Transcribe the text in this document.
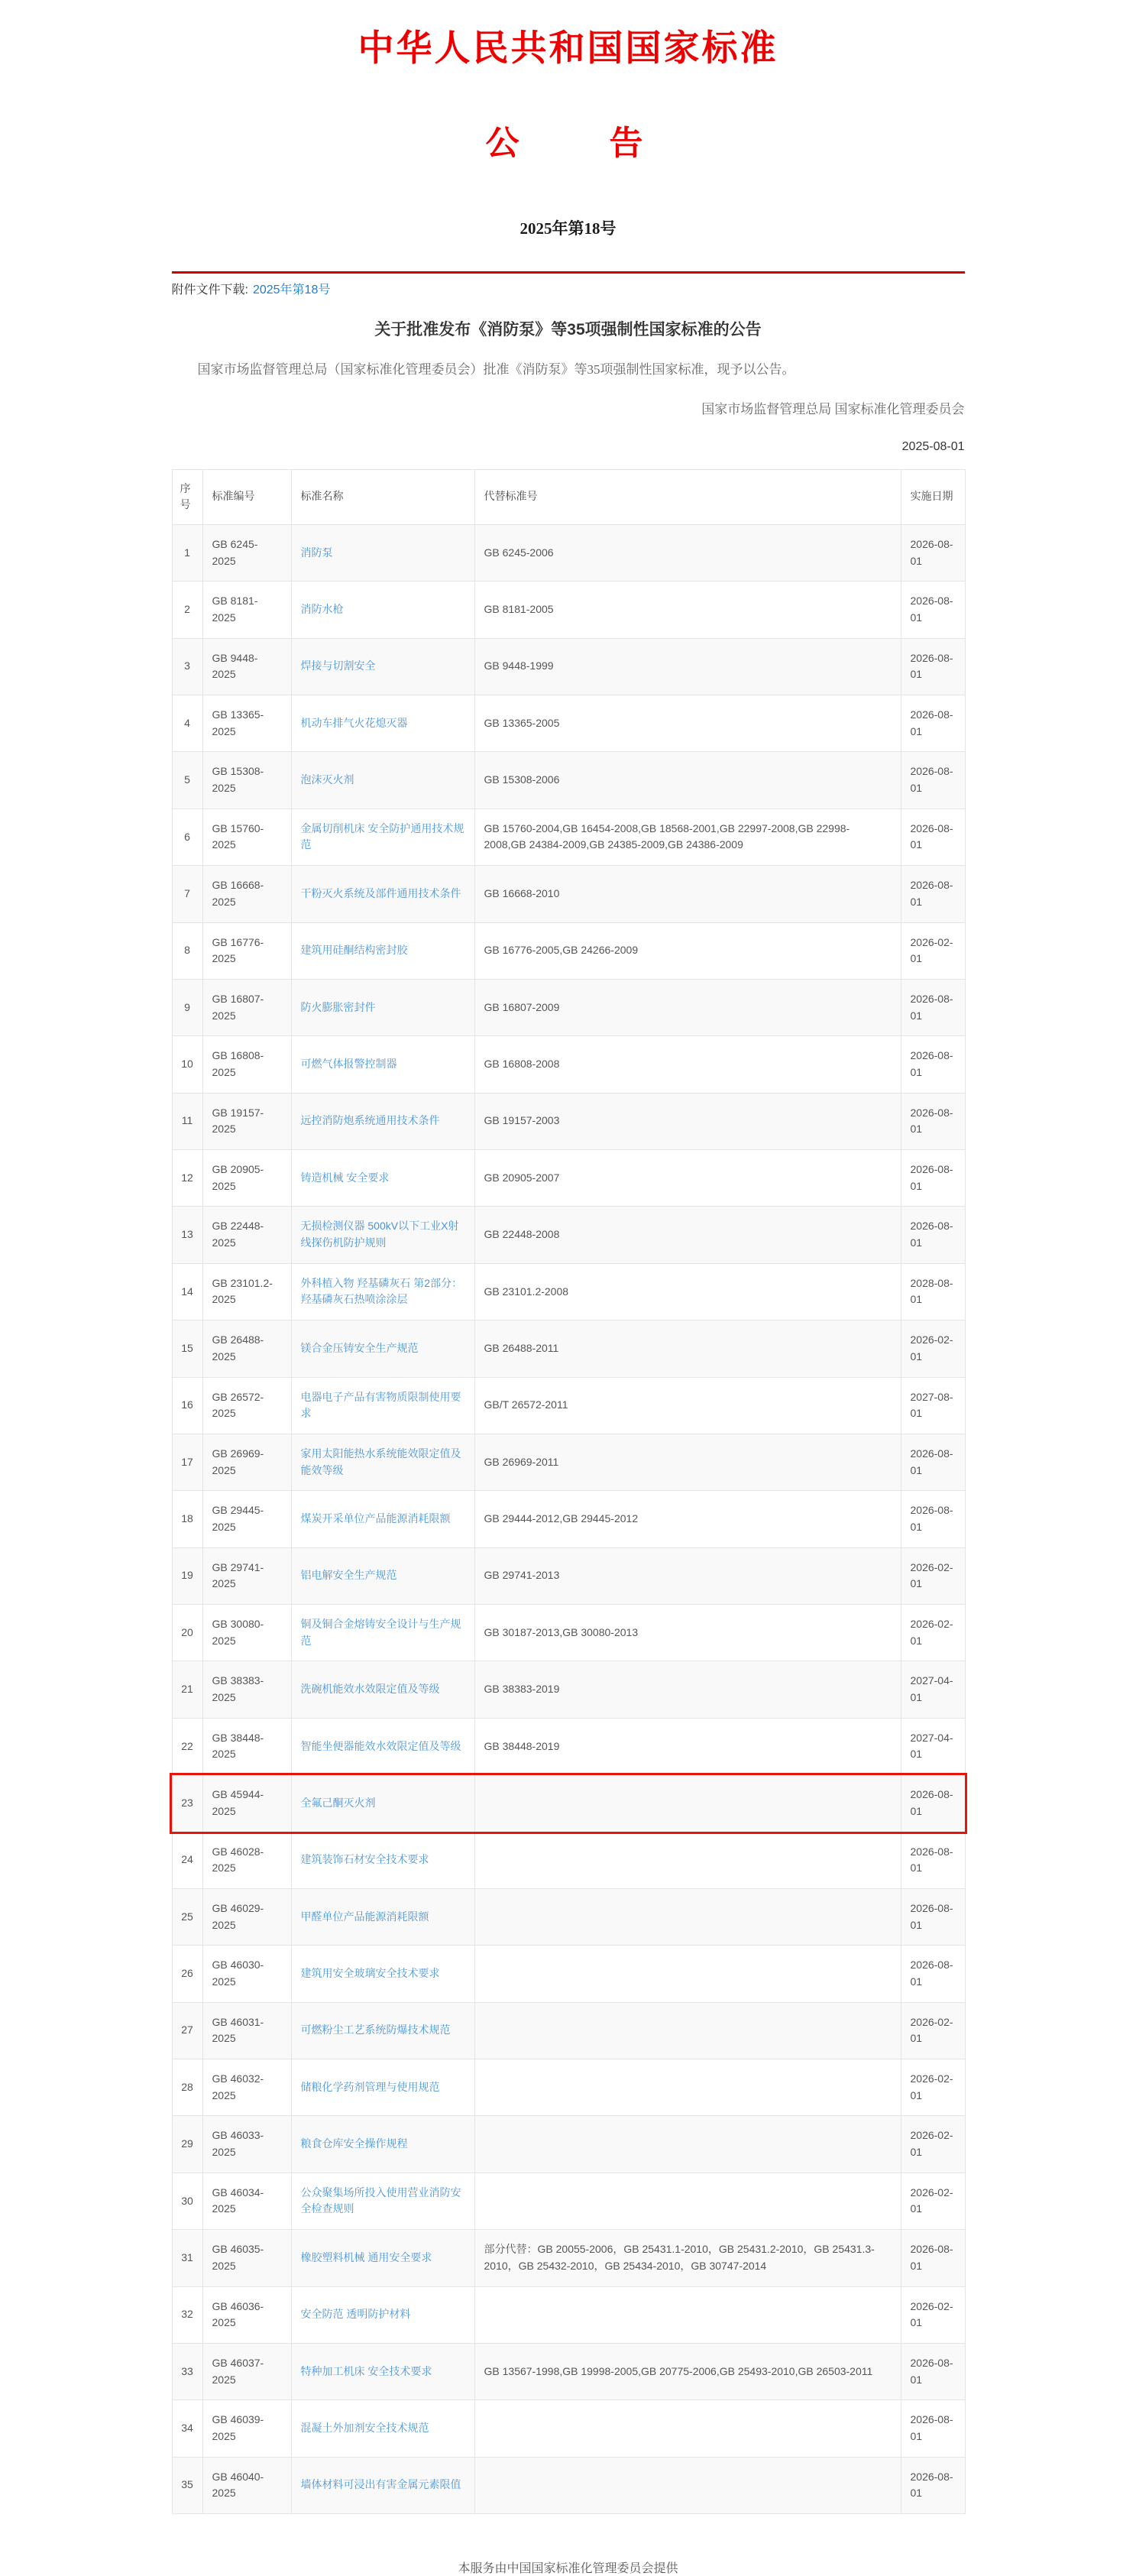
中华人民共和国国家标准
公　　告
2025年第18号
附件文件下载: 2025年第18号
关于批准发布《消防泵》等35项强制性国家标准的公告
国家市场监督管理总局（国家标准化管理委员会）批准《消防泵》等35项强制性国家标准，现予以公告。
国家市场监督管理总局 国家标准化管理委员会
2025-08-01
序号	标准编号	标准名称	代替标准号	实施日期
1	GB 6245-2025	消防泵	GB 6245-2006	2026-08-01
2	GB 8181-2025	消防水枪	GB 8181-2005	2026-08-01
3	GB 9448-2025	焊接与切割安全	GB 9448-1999	2026-08-01
4	GB 13365-2025	机动车排气火花熄灭器	GB 13365-2005	2026-08-01
5	GB 15308-2025	泡沫灭火剂	GB 15308-2006	2026-08-01
6	GB 15760-2025	金属切削机床 安全防护通用技术规范	GB 15760-2004,GB 16454-2008,GB 18568-2001,GB 22997-2008,GB 22998-2008,GB 24384-2009,GB 24385-2009,GB 24386-2009	2026-08-01
7	GB 16668-2025	干粉灭火系统及部件通用技术条件	GB 16668-2010	2026-08-01
8	GB 16776-2025	建筑用硅酮结构密封胶	GB 16776-2005,GB 24266-2009	2026-02-01
9	GB 16807-2025	防火膨胀密封件	GB 16807-2009	2026-08-01
10	GB 16808-2025	可燃气体报警控制器	GB 16808-2008	2026-08-01
11	GB 19157-2025	远控消防炮系统通用技术条件	GB 19157-2003	2026-08-01
12	GB 20905-2025	铸造机械 安全要求	GB 20905-2007	2026-08-01
13	GB 22448-2025	无损检测仪器 500kV以下工业X射线探伤机防护规则	GB 22448-2008	2026-08-01
14	GB 23101.2-2025	外科植入物 羟基磷灰石 第2部分：羟基磷灰石热喷涂涂层	GB 23101.2-2008	2028-08-01
15	GB 26488-2025	镁合金压铸安全生产规范	GB 26488-2011	2026-02-01
16	GB 26572-2025	电器电子产品有害物质限制使用要求	GB/T 26572-2011	2027-08-01
17	GB 26969-2025	家用太阳能热水系统能效限定值及能效等级	GB 26969-2011	2026-08-01
18	GB 29445-2025	煤炭开采单位产品能源消耗限额	GB 29444-2012,GB 29445-2012	2026-08-01
19	GB 29741-2025	铝电解安全生产规范	GB 29741-2013	2026-02-01
20	GB 30080-2025	铜及铜合金熔铸安全设计与生产规范	GB 30187-2013,GB 30080-2013	2026-02-01
21	GB 38383-2025	洗碗机能效水效限定值及等级	GB 38383-2019	2027-04-01
22	GB 38448-2025	智能坐便器能效水效限定值及等级	GB 38448-2019	2027-04-01
23	GB 45944-2025	全氟己酮灭火剂		2026-08-01
24	GB 46028-2025	建筑装饰石材安全技术要求		2026-08-01
25	GB 46029-2025	甲醛单位产品能源消耗限额		2026-08-01
26	GB 46030-2025	建筑用安全玻璃安全技术要求		2026-08-01
27	GB 46031-2025	可燃粉尘工艺系统防爆技术规范		2026-02-01
28	GB 46032-2025	储粮化学药剂管理与使用规范		2026-02-01
29	GB 46033-2025	粮食仓库安全操作规程		2026-02-01
30	GB 46034-2025	公众聚集场所投入使用营业消防安全检查规则		2026-02-01
31	GB 46035-2025	橡胶塑料机械 通用安全要求	部分代替：GB 20055-2006，GB 25431.1-2010，GB 25431.2-2010，GB 25431.3-2010，GB 25432-2010，GB 25434-2010，GB 30747-2014	2026-08-01
32	GB 46036-2025	安全防范 透明防护材料		2026-02-01
33	GB 46037-2025	特种加工机床 安全技术要求	GB 13567-1998,GB 19998-2005,GB 20775-2006,GB 25493-2010,GB 26503-2011	2026-08-01
34	GB 46039-2025	混凝土外加剂安全技术规范		2026-08-01
35	GB 46040-2025	墙体材料可浸出有害金属元素限值		2026-08-01
本服务由中国国家标准化管理委员会提供
